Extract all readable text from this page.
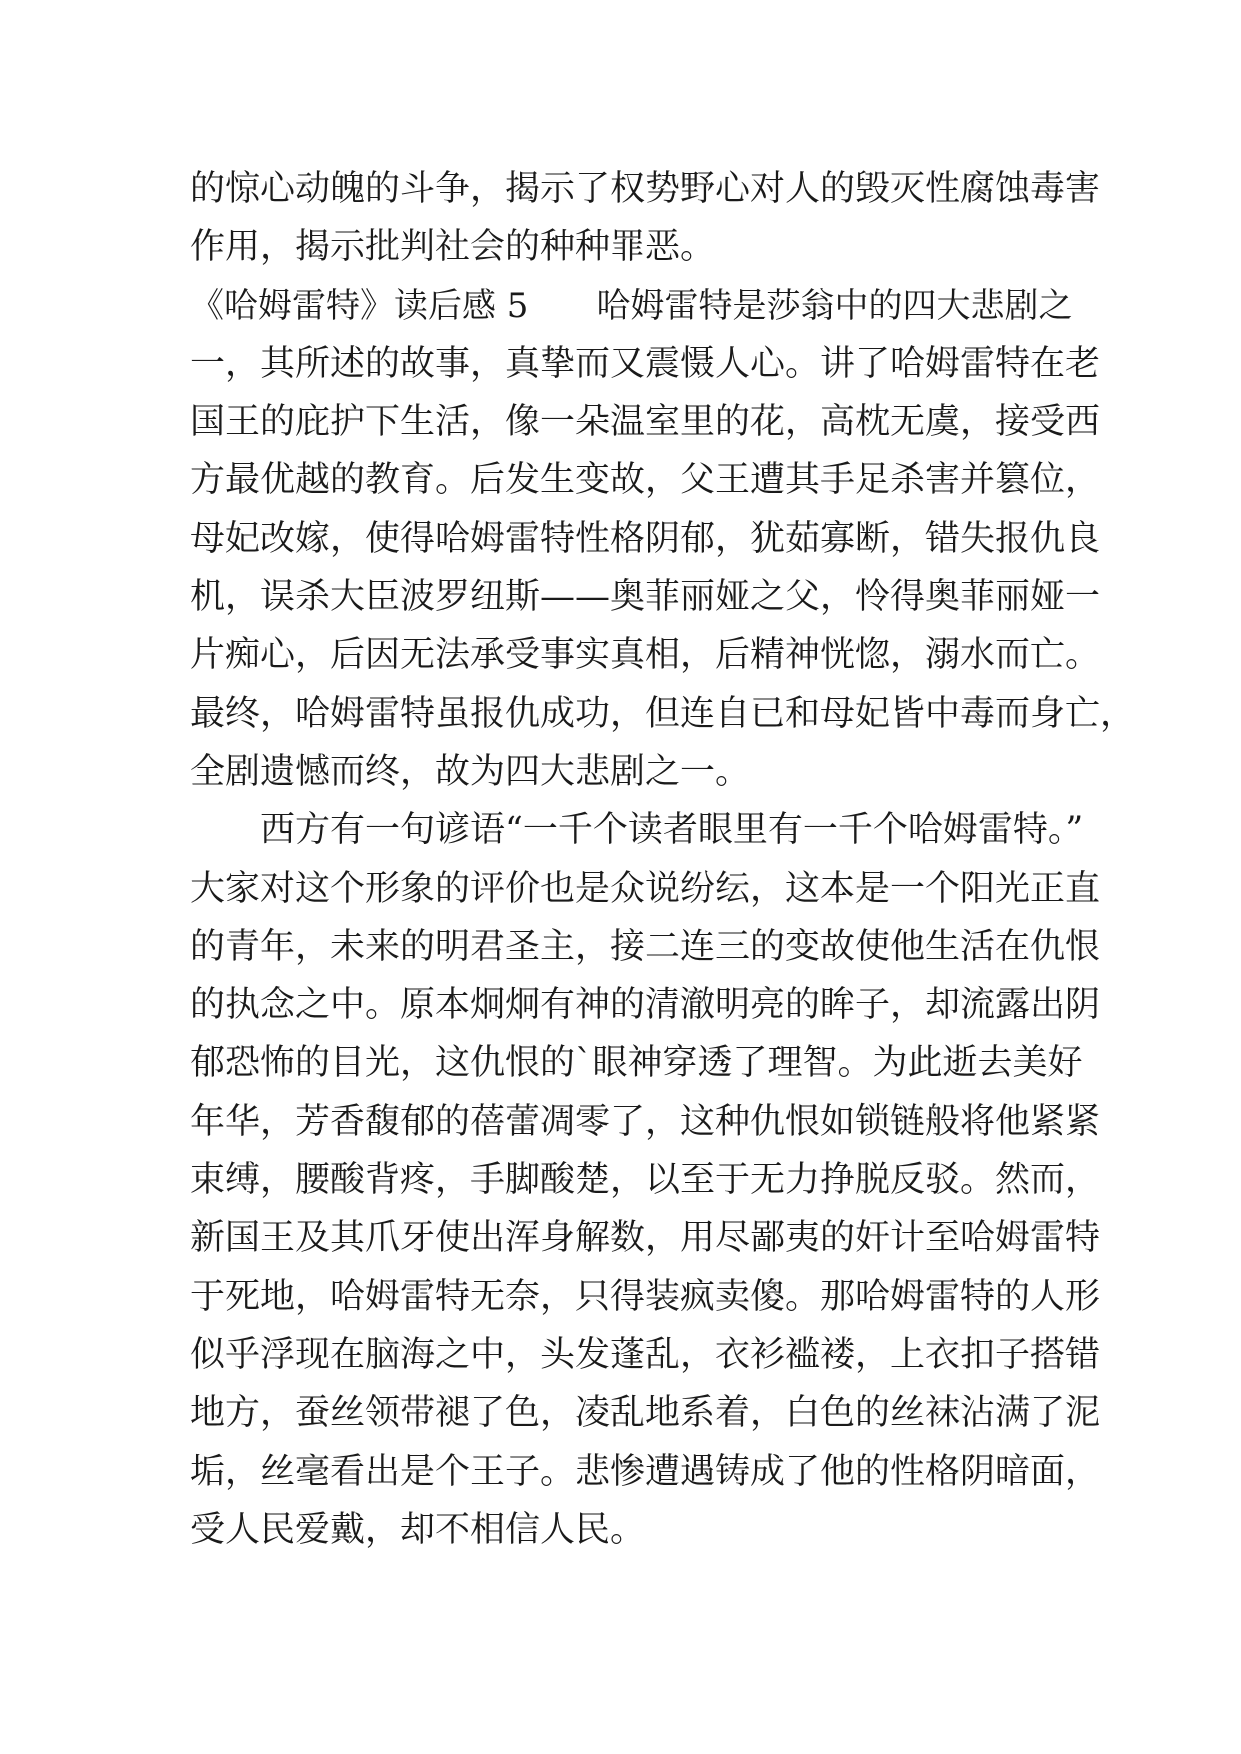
的惊心动魄的斗争，揭示了权势野心对人的毁灭性腐蚀毒害
作用，揭示批判社会的种种罪恶。
《哈姆雷特》读后感 5　　哈姆雷特是莎翁中的四大悲剧之
一，其所述的故事，真挚而又震慑人心。讲了哈姆雷特在老
国王的庇护下生活，像一朵温室里的花，高枕无虞，接受西
方最优越的教育。后发生变故，父王遭其手足杀害并篡位，
母妃改嫁，使得哈姆雷特性格阴郁，犹茹寡断，错失报仇良
机，误杀大臣波罗纽斯——奥菲丽娅之父，怜得奥菲丽娅一
片痴心，后因无法承受事实真相，后精神恍惚，溺水而亡。
最终，哈姆雷特虽报仇成功，但连自已和母妃皆中毒而身亡，
全剧遗憾而终，故为四大悲剧之一。
　　西方有一句谚语“一千个读者眼里有一千个哈姆雷特。”
大家对这个形象的评价也是众说纷纭，这本是一个阳光正直
的青年，未来的明君圣主，接二连三的变故使他生活在仇恨
的执念之中。原本炯炯有神的清澈明亮的眸子，却流露出阴
郁恐怖的目光，这仇恨的`眼神穿透了理智。为此逝去美好
年华，芳香馥郁的蓓蕾凋零了，这种仇恨如锁链般将他紧紧
束缚，腰酸背疼，手脚酸楚，以至于无力挣脱反驳。然而，
新国王及其爪牙使出浑身解数，用尽鄙夷的奸计至哈姆雷特
于死地，哈姆雷特无奈，只得装疯卖傻。那哈姆雷特的人形
似乎浮现在脑海之中，头发蓬乱，衣衫褴褛，上衣扣子搭错
地方，蚕丝领带褪了色，凌乱地系着，白色的丝袜沾满了泥
垢，丝毫看出是个王子。悲惨遭遇铸成了他的性格阴暗面，
受人民爱戴，却不相信人民。
